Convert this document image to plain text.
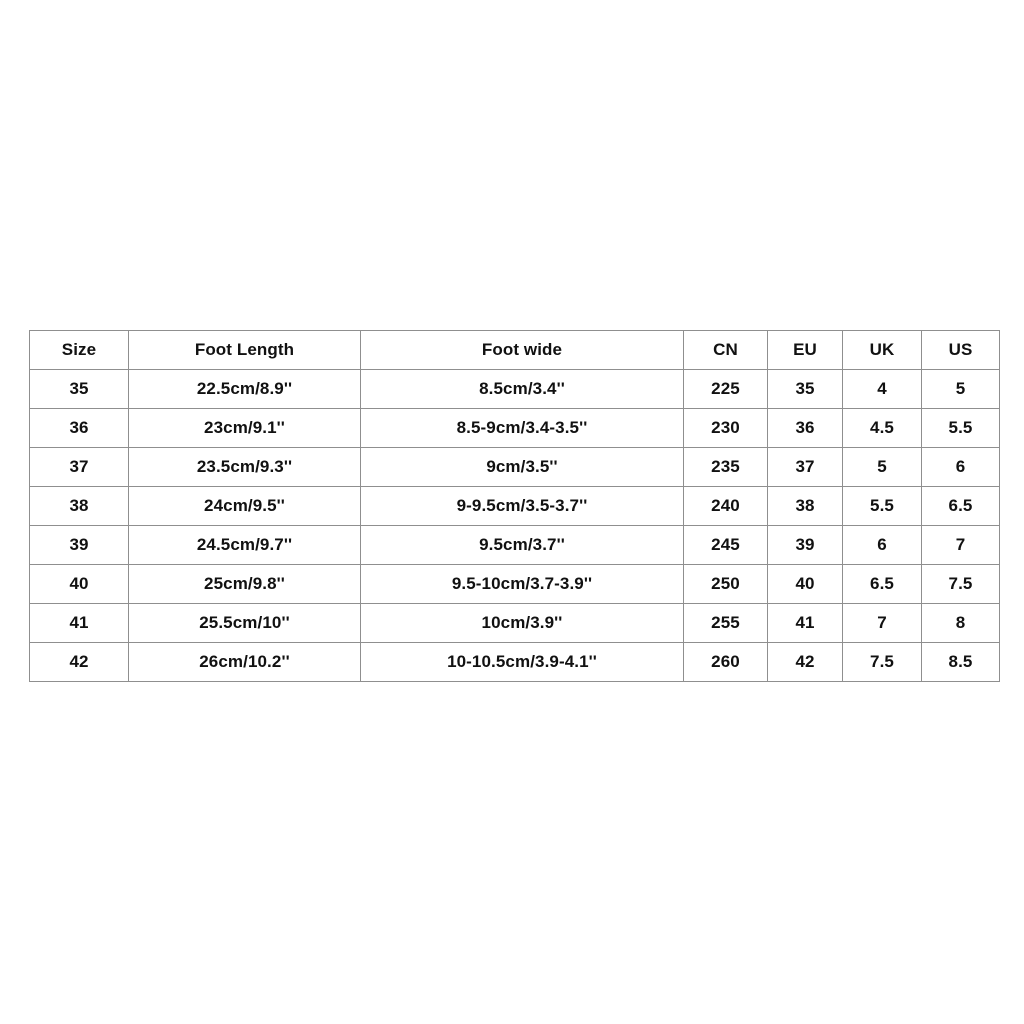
Size	Foot Length	Foot wide	CN	EU	UK	US
35	22.5cm/8.9''	8.5cm/3.4''	225	35	4	5
36	23cm/9.1''	8.5-9cm/3.4-3.5''	230	36	4.5	5.5
37	23.5cm/9.3''	9cm/3.5''	235	37	5	6
38	24cm/9.5''	9-9.5cm/3.5-3.7''	240	38	5.5	6.5
39	24.5cm/9.7''	9.5cm/3.7''	245	39	6	7
40	25cm/9.8''	9.5-10cm/3.7-3.9''	250	40	6.5	7.5
41	25.5cm/10''	10cm/3.9''	255	41	7	8
42	26cm/10.2''	10-10.5cm/3.9-4.1''	260	42	7.5	8.5
